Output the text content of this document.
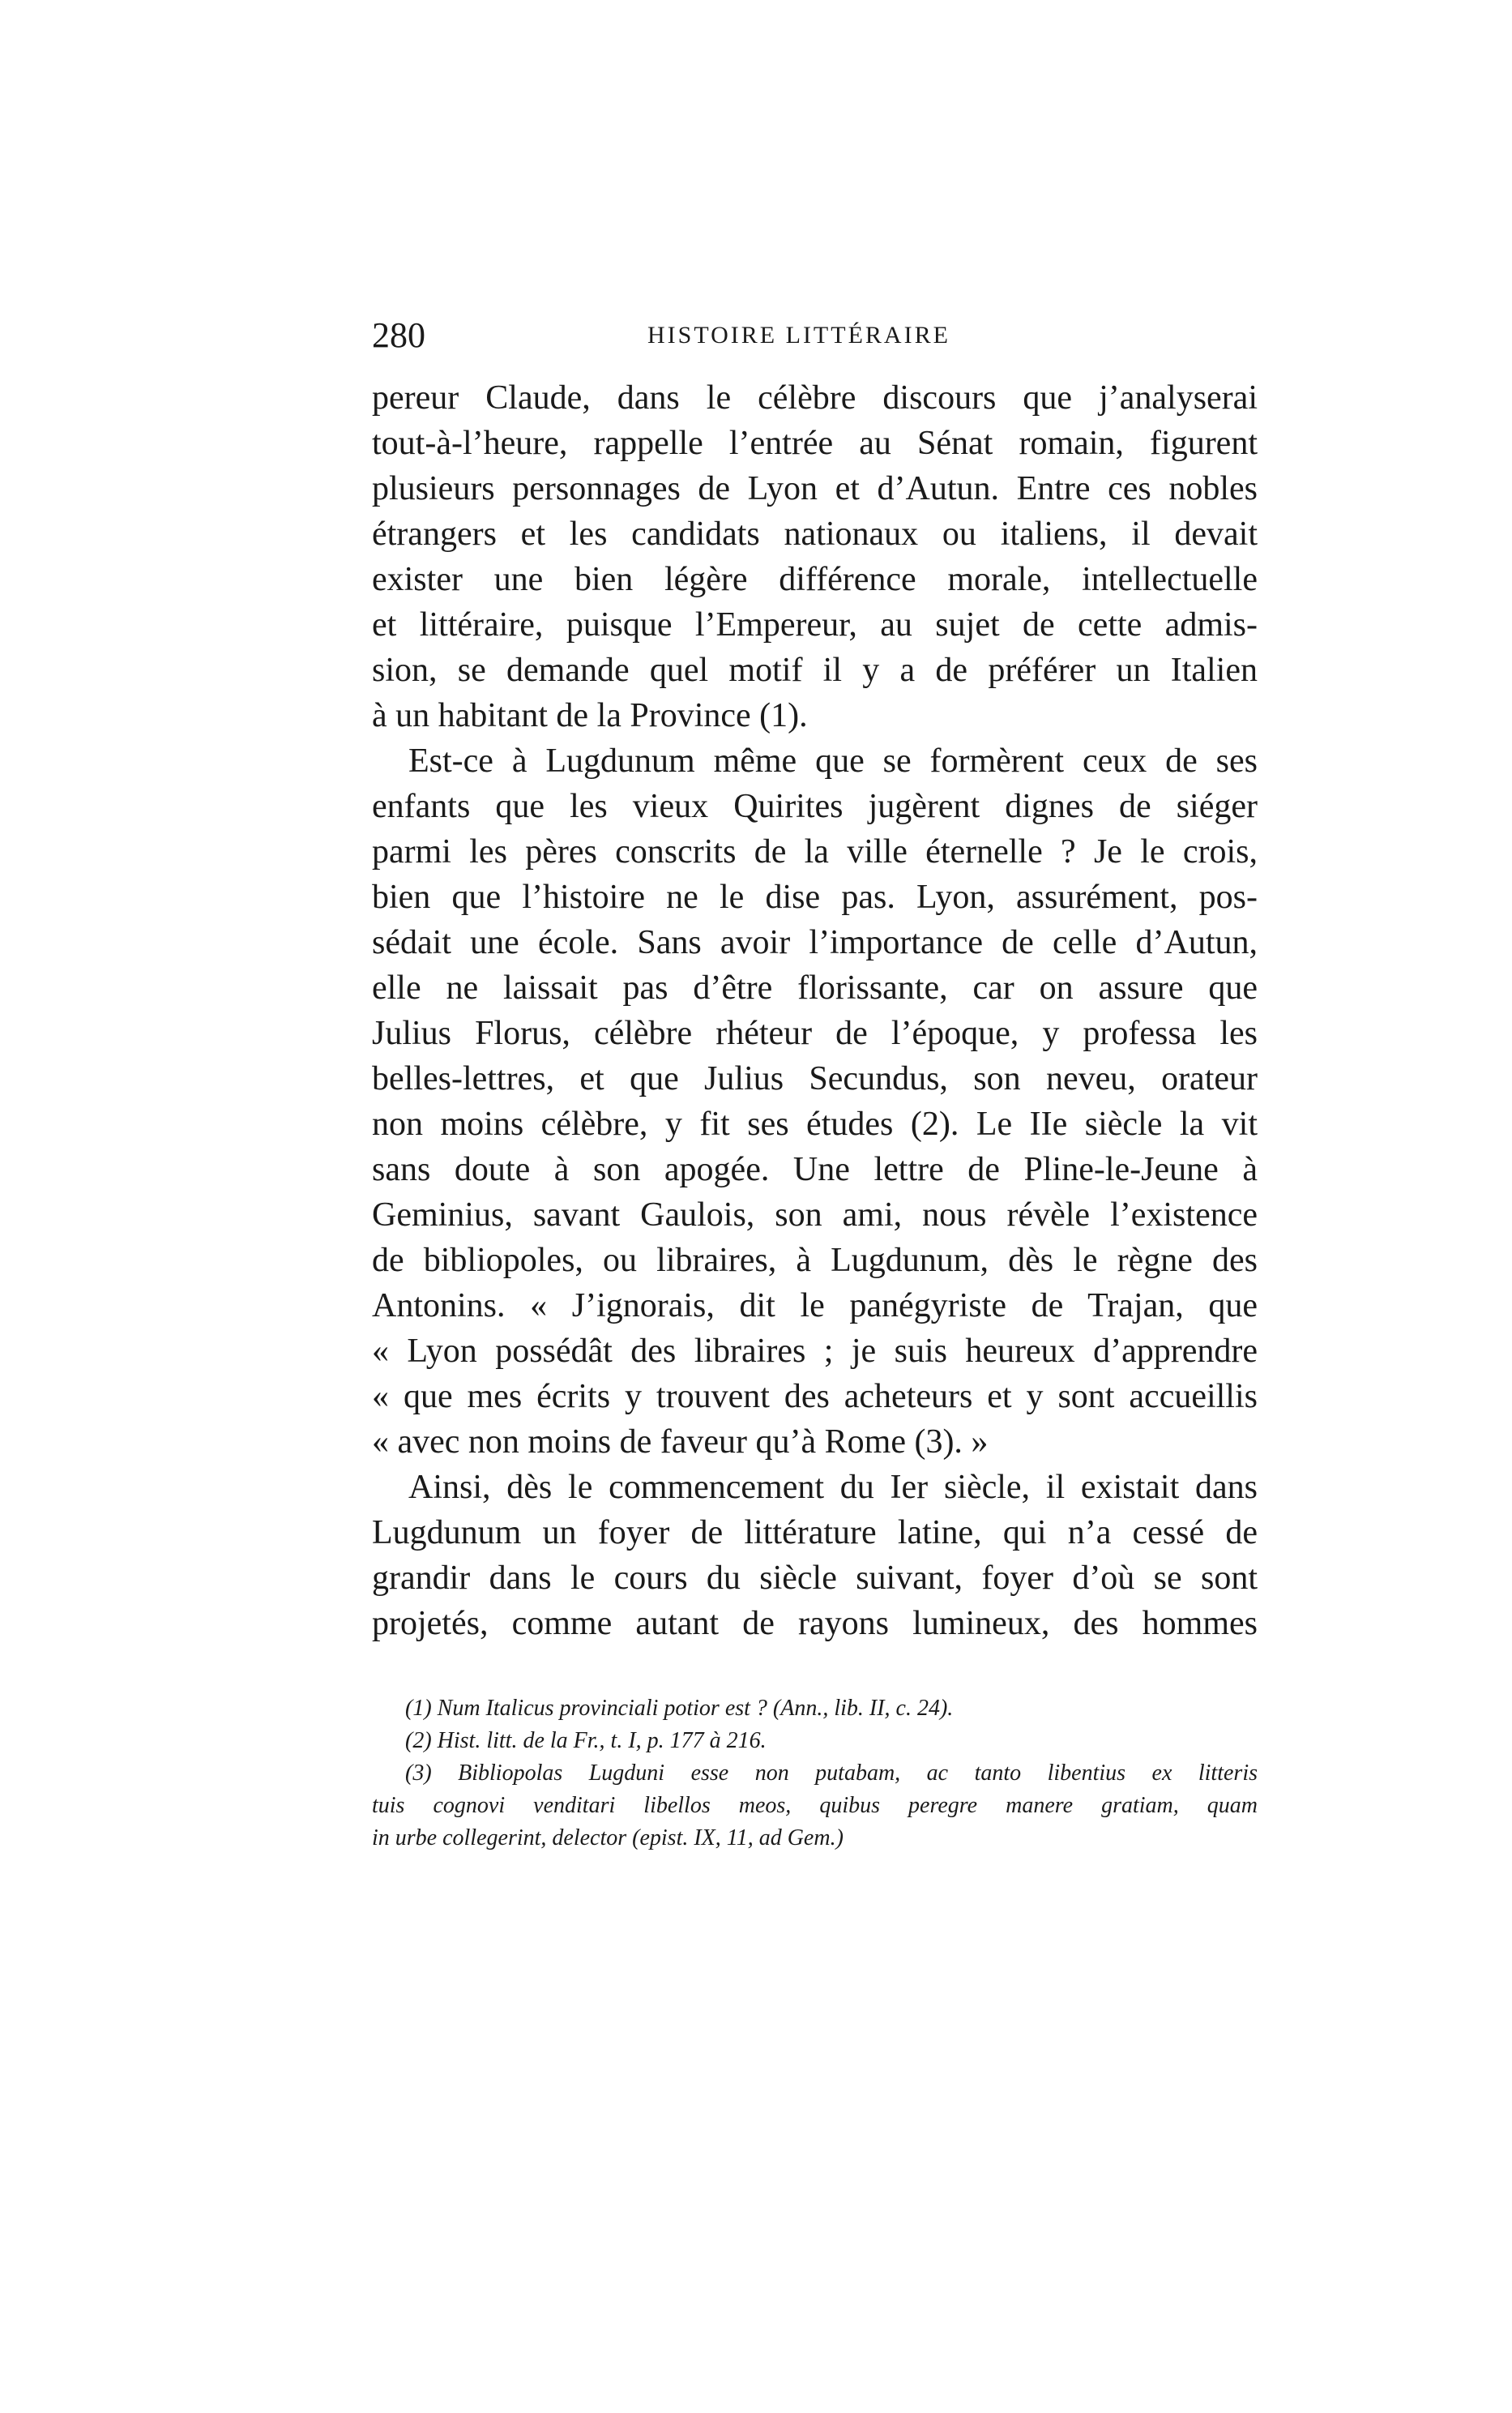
280	HISTOIRE LITTÉRAIRE
pereur Claude, dans le célèbre discours que j’analyserai
tout-à-l’heure, rappelle l’entrée au Sénat romain, figurent
plusieurs personnages de Lyon et d’Autun. Entre ces nobles
étrangers et les candidats nationaux ou italiens, il devait
exister une bien légère différence morale, intellectuelle
et littéraire, puisque l’Empereur, au sujet de cette admis-
sion, se demande quel motif il y a de préférer un Italien
à un habitant de la Province (1).
Est-ce à Lugdunum même que se formèrent ceux de ses
enfants que les vieux Quirites jugèrent dignes de siéger
parmi les pères conscrits de la ville éternelle ? Je le crois,
bien que l’histoire ne le dise pas. Lyon, assurément, pos-
sédait une école. Sans avoir l’importance de celle d’Autun,
elle ne laissait pas d’être florissante, car on assure que
Julius Florus, célèbre rhéteur de l’époque, y professa les
belles-lettres, et que Julius Secundus, son neveu, orateur
non moins célèbre, y fit ses études (2). Le IIe siècle la vit
sans doute à son apogée. Une lettre de Pline-le-Jeune à
Geminius, savant Gaulois, son ami, nous révèle l’existence
de bibliopoles, ou libraires, à Lugdunum, dès le règne des
Antonins. « J’ignorais, dit le panégyriste de Trajan, que
« Lyon possédât des libraires ; je suis heureux d’apprendre
« que mes écrits y trouvent des acheteurs et y sont accueillis
« avec non moins de faveur qu’à Rome (3). »
Ainsi, dès le commencement du Ier siècle, il existait dans
Lugdunum un foyer de littérature latine, qui n’a cessé de
grandir dans le cours du siècle suivant, foyer d’où se sont
projetés, comme autant de rayons lumineux, des hommes
(1) Num Italicus provinciali potior est ? (Ann., lib. II, c. 24).
(2) Hist. litt. de la Fr., t. I, p. 177 à 216.
(3) Bibliopolas Lugduni esse non putabam, ac tanto libentius ex litteris
tuis cognovi venditari libellos meos, quibus peregre manere gratiam, quam
in urbe collegerint, delector (epist. IX, 11, ad Gem.)
